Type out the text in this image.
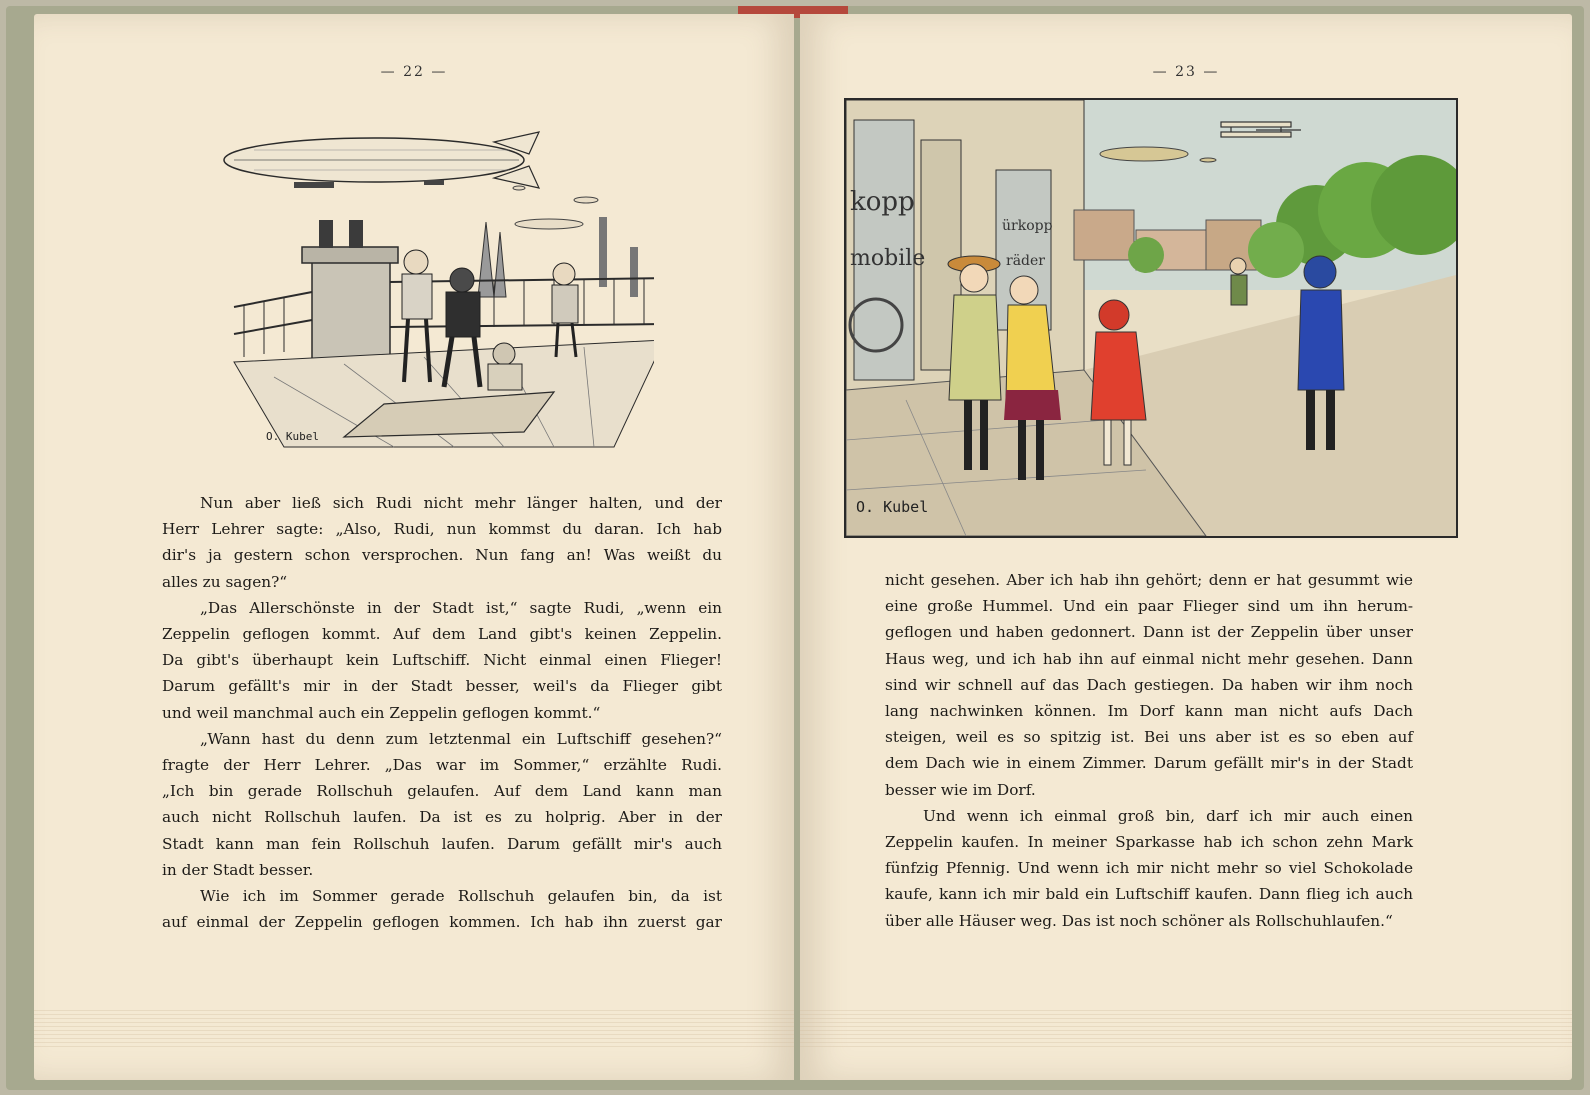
— 22 —
O. Kubel

Nun aber ließ sich Rudi nicht mehr länger halten, und der

Herr Lehrer sagte: „Also, Rudi, nun kommst du daran. Ich hab

dir's ja gestern schon versprochen. Nun fang an! Was weißt du

alles zu sagen?“

„Das Allerschönste in der Stadt ist,“ sagte Rudi, „wenn ein

Zeppelin geflogen kommt. Auf dem Land gibt's keinen Zeppelin.

Da gibt's überhaupt kein Luftschiff. Nicht einmal einen Flieger!

Darum gefällt's mir in der Stadt besser, weil's da Flieger gibt

und weil manchmal auch ein Zeppelin geflogen kommt.“

„Wann hast du denn zum letztenmal ein Luftschiff gesehen?“

fragte der Herr Lehrer. „Das war im Sommer,“ erzählte Rudi.

„Ich bin gerade Rollschuh gelaufen. Auf dem Land kann man

auch nicht Rollschuh laufen. Da ist es zu holprig. Aber in der

Stadt kann man fein Rollschuh laufen. Darum gefällt mir's auch

in der Stadt besser.

Wie ich im Sommer gerade Rollschuh gelaufen bin, da ist

auf einmal der Zeppelin geflogen kommen. Ich hab ihn zuerst gar

— 23 —
kopp
mobile
ürkopp
räder
O. Kubel

nicht gesehen. Aber ich hab ihn gehört; denn er hat gesummt wie

eine große Hummel. Und ein paar Flieger sind um ihn herum-

geflogen und haben gedonnert. Dann ist der Zeppelin über unser

Haus weg, und ich hab ihn auf einmal nicht mehr gesehen. Dann

sind wir schnell auf das Dach gestiegen. Da haben wir ihm noch

lang nachwinken können. Im Dorf kann man nicht aufs Dach

steigen, weil es so spitzig ist. Bei uns aber ist es so eben auf

dem Dach wie in einem Zimmer. Darum gefällt mir's in der Stadt

besser wie im Dorf.

Und wenn ich einmal groß bin, darf ich mir auch einen

Zeppelin kaufen. In meiner Sparkasse hab ich schon zehn Mark

fünfzig Pfennig. Und wenn ich mir nicht mehr so viel Schokolade

kaufe, kann ich mir bald ein Luftschiff kaufen. Dann flieg ich auch

über alle Häuser weg. Das ist noch schöner als Rollschuhlaufen.“
